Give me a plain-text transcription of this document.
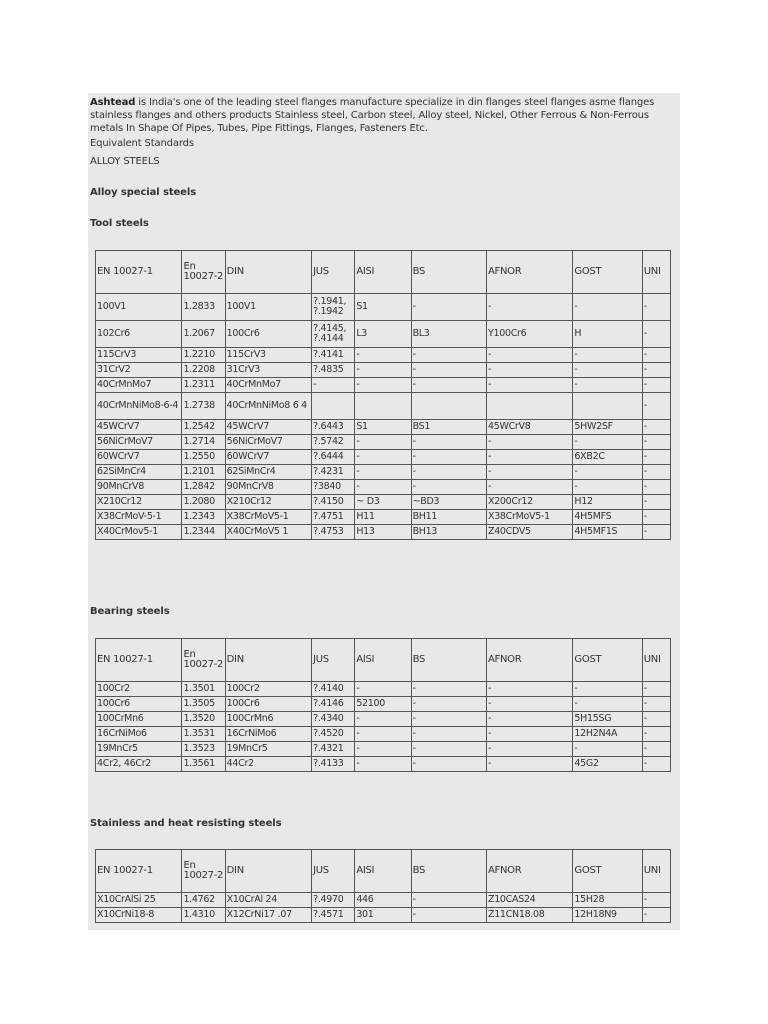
Ashtead is India's one of the leading steel flanges manufacture specialize in din flanges steel flanges asme flanges stainless flanges and others products Stainless steel, Carbon steel, Alloy steel, Nickel, Other Ferrous & Non-Ferrous metals In Shape Of Pipes, Tubes, Pipe Fittings, Flanges, Fasteners Etc.

Equivalent Standards

ALLOY STEELS

Alloy special steels

Tool steels

EN 10027-1	En 10027-2	DIN	JUS	AISI	BS	AFNOR	GOST	UNI
100V1	1.2833	100V1	?.1941, ?.1942	S1	-	-	-	-
102Cr6	1.2067	100Cr6	?.4145, ?.4144	L3	BL3	Y100Cr6	H	-
115CrV3	1.2210	115CrV3	?.4141	-	-	-	-	-
31CrV2	1.2208	31CrV3	?.4835	-	-	-	-	-
40CrMnMo7	1.2311	40CrMnMo7	-	-	-	-	-	-
40CrMnNiMo8-6-4	1.2738	40CrMnNiMo8 6 4						-
45WCrV7	1.2542	45WCrV7	?.6443	S1	BS1	45WCrV8	5HW2SF	-
56NiCrMoV7	1.2714	56NiCrMoV7	?.5742	-	-	-	-	-
60WCrV7	1.2550	60WCrV7	?.6444	-	-	-	6XB2C	-
62SiMnCr4	1.2101	62SiMnCr4	?.4231	-	-	-	-	-
90MnCrV8	1.2842	90MnCrV8	?3840	-	-	-	-	-
X210Cr12	1.2080	X210Cr12	?.4150	~ D3	~BD3	X200Cr12	H12	-
X38CrMoV-5-1	1.2343	X38CrMoV5-1	?.4751	H11	BH11	X38CrMoV5-1	4H5MFS	-
X40CrMov5-1	1.2344	X40CrMoV5 1	?.4753	H13	BH13	Z40CDV5	4H5MF1S	-

Bearing steels

EN 10027-1	En 10027-2	DIN	JUS	AISI	BS	AFNOR	GOST	UNI
100Cr2	1.3501	100Cr2	?.4140	-	-	-	-	-
100Cr6	1.3505	100Cr6	?.4146	52100	-	-	-	-
100CrMn6	1.3520	100CrMn6	?.4340	-	-	-	5H15SG	-
16CrNiMo6	1.3531	16CrNiMo6	?.4520	-	-	-	12H2N4A	-
19MnCr5	1.3523	19MnCr5	?.4321	-	-	-	-	-
4Cr2, 46Cr2	1.3561	44Cr2	?.4133	-	-	-	45G2	-

Stainless and heat resisting steels

EN 10027-1	En 10027-2	DIN	JUS	AISI	BS	AFNOR	GOST	UNI
X10CrAlSi 25	1.4762	X10CrAl 24	?.4970	446	-	Z10CAS24	15H28	-
X10CrNi18-8	1.4310	X12CrNi17 .07	?.4571	301	-	Z11CN18.08	12H18N9	-
